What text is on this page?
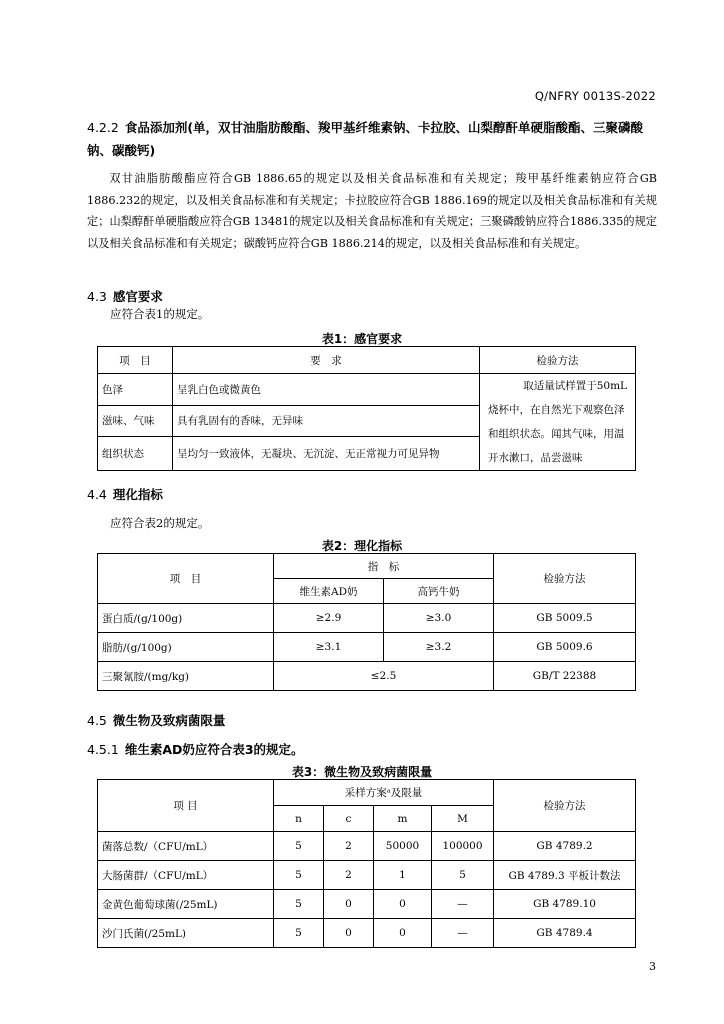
Q/NFRY 0013S-2022
4.2.2 食品添加剂(单，双甘油脂肪酸酯、羧甲基纤维素钠、卡拉胶、山梨醇酐单硬脂酸酯、三聚磷酸
钠、碳酸钙)

双甘油脂肪酸酯应符合GB 1886.65的规定以及相关食品标准和有关规定；羧甲基纤维素钠应符合GB 1886.232的规定，以及相关食品标准和有关规定；卡拉胶应符合GB 1886.169的规定以及相关食品标准和有关规定；山梨醇酐单硬脂酸应符合GB 13481的规定以及相关食品标准和有关规定；三聚磷酸钠应符合1886.335的规定以及相关食品标准和有关规定；碳酸钙应符合GB 1886.214的规定，以及相关食品标准和有关规定。

4.3 感官要求
应符合表1的规定。
表1：感官要求
项　目	要　求	检验方法
色泽	呈乳白色或微黄色	取适量试样置于50mL
烧杯中，在自然光下观察色泽
和组织状态。闻其气味，用温
开水漱口，品尝滋味

滋味、气味	具有乳固有的香味，无异味	
组织状态	呈均匀一致液体，无凝块、无沉淀、无正常视力可见异物	
4.4 理化指标
应符合表2的规定。
表2：理化指标
项　目	指　标		检验方法
	维生素AD奶	高钙牛奶	
蛋白质/(g/100g)	≥2.9	≥3.0	GB 5009.5
脂肪/(g/100g)	≥3.1	≥3.2	GB 5009.6
三聚氰胺/(mg/kg)	≤2.5		GB/T 22388
4.5 微生物及致病菌限量
4.5.1 维生素AD奶应符合表3的规定。
表3：微生物及致病菌限量
项 目	采样方案ᵃ及限量				检验方法
	n	c	m	M	
菌落总数/（CFU/mL）	5	2	50000	100000	GB 4789.2
大肠菌群/（CFU/mL）	5	2	1	5	GB 4789.3 平板计数法
金黄色葡萄球菌(/25mL)	5	0	0	—	GB 4789.10
沙门氏菌(/25mL)	5	0	0	—	GB 4789.4
3
